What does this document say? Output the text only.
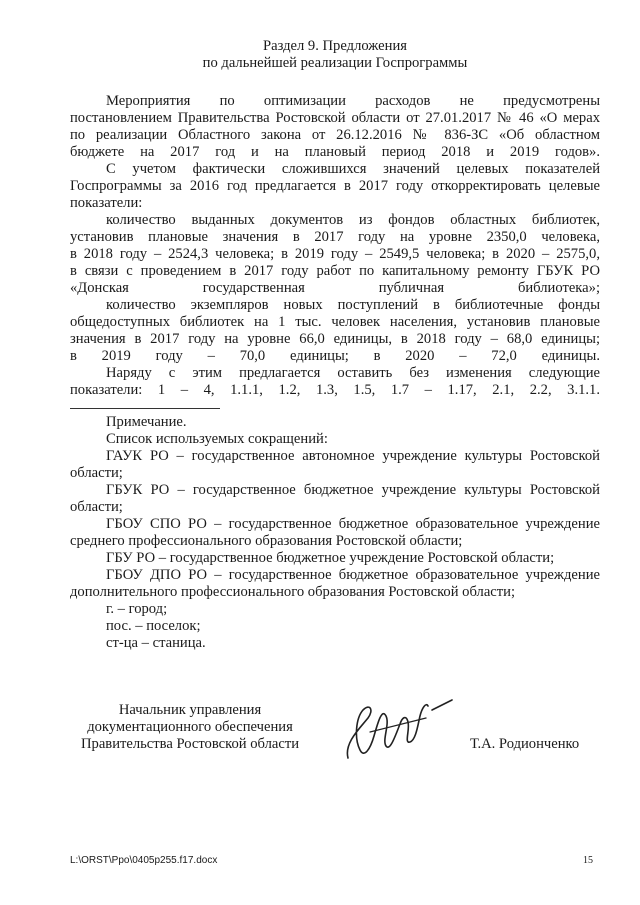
Раздел 9. Предложения
по дальнейшей реализации Госпрограммы
Мероприятия по оптимизации расходов не предусмотрены
постановлением Правительства Ростовской области от 27.01.2017 № 46 «О мерах
по реализации Областного закона от 26.12.2016 № 836-ЗС «Об областном
бюджете на 2017 год и на плановый период 2018 и 2019 годов».
С учетом фактически сложившихся значений целевых показателей
Госпрограммы за 2016 год предлагается в 2017 году откорректировать целевые
показатели:
количество выданных документов из фондов областных библиотек,
установив плановые значения в 2017 году на уровне 2350,0 человека,
в 2018 году – 2524,3 человека; в 2019 году – 2549,5 человека; в 2020 – 2575,0,
в связи с проведением в 2017 году работ по капитальному ремонту ГБУК РО
«Донская государственная публичная библиотека»;
количество экземпляров новых поступлений в библиотечные фонды
общедоступных библиотек на 1 тыс. человек населения, установив плановые
значения в 2017 году на уровне 66,0 единицы, в 2018 году – 68,0 единицы;
в 2019 году – 70,0 единицы; в 2020 – 72,0 единицы.
Наряду с этим предлагается оставить без изменения следующие
показатели: 1 – 4, 1.1.1, 1.2, 1.3, 1.5, 1.7 – 1.17, 2.1, 2.2, 3.1.1.
Примечание.
Список используемых сокращений:
ГАУК РО – государственное автономное учреждение культуры Ростовской
области;
ГБУК РО – государственное бюджетное учреждение культуры Ростовской
области;
ГБОУ СПО РО – государственное бюджетное образовательное учреждение
среднего профессионального образования Ростовской области;
ГБУ РО – государственное бюджетное учреждение Ростовской области;
ГБОУ ДПО РО – государственное бюджетное образовательное учреждение
дополнительного профессионального образования Ростовской области;
г. – город;
пос. – поселок;
ст-ца – станица.
Начальник управления
документационного обеспечения
Правительства Ростовской области	Т.А. Родионченко
L:\ORST\Ppo\0405p255.f17.docx	15
